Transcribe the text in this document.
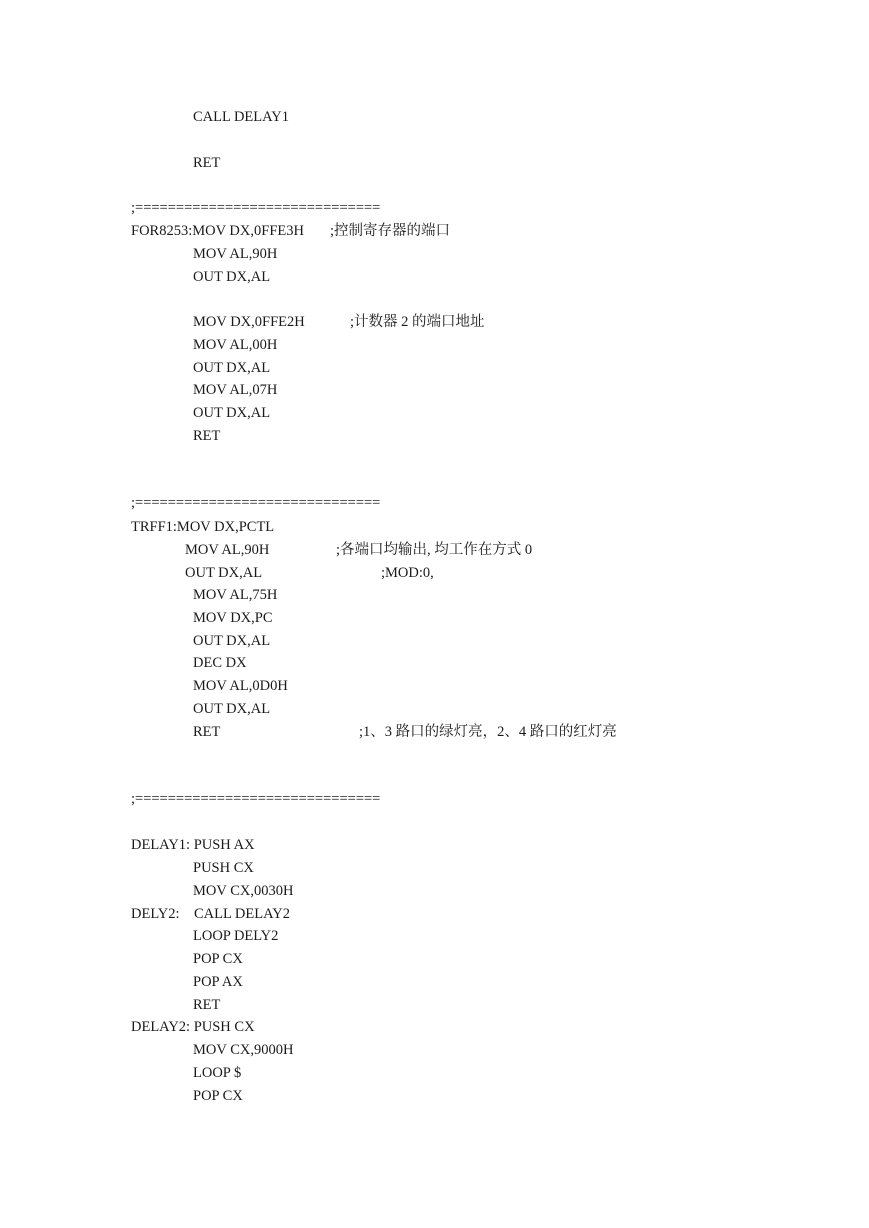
CALL DELAY1
RET
;==============================
FOR8253:MOV DX,0FFE3H ;控制寄存器的端口
MOV AL,90H
OUT DX,AL
MOV DX,0FFE2H	;计数器 2 的端口地址
MOV AL,00H
OUT DX,AL
MOV AL,07H
OUT DX,AL
RET
;==============================
TRFF1:MOV DX,PCTL
MOV AL,90H	;各端口均输出, 均工作在方式 0
OUT DX,AL	;MOD:0,
MOV AL,75H
MOV DX,PC
OUT DX,AL
DEC DX
MOV AL,0D0H
OUT DX,AL
RET	;1、3 路口的绿灯亮，2、4 路口的红灯亮
;==============================
DELAY1: PUSH AX
PUSH CX
MOV CX,0030H
DELY2:    CALL DELAY2
LOOP DELY2
POP CX
POP AX
RET
DELAY2: PUSH CX
MOV CX,9000H
LOOP $
POP CX
